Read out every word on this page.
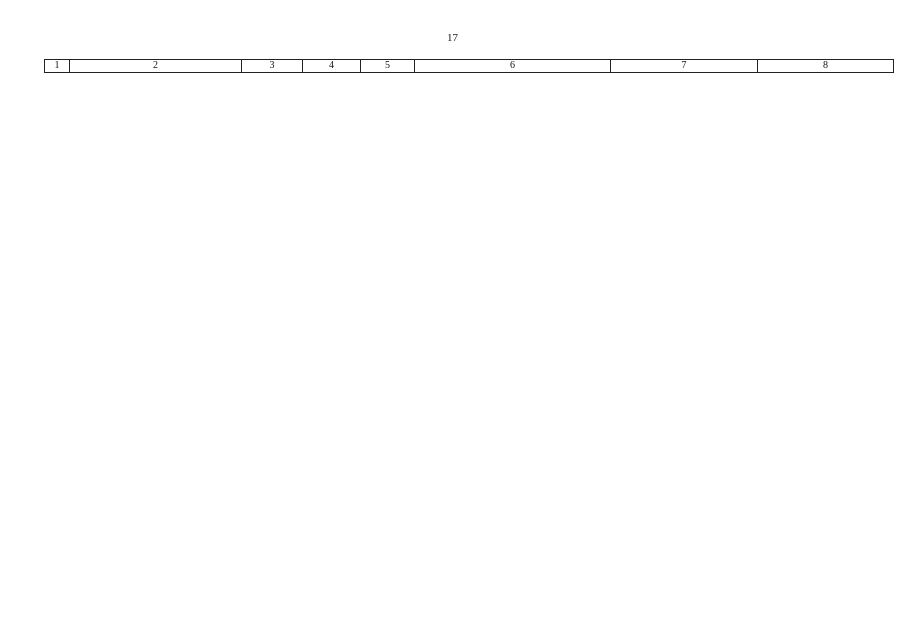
17
1	2	3	4	5	6	7	8
